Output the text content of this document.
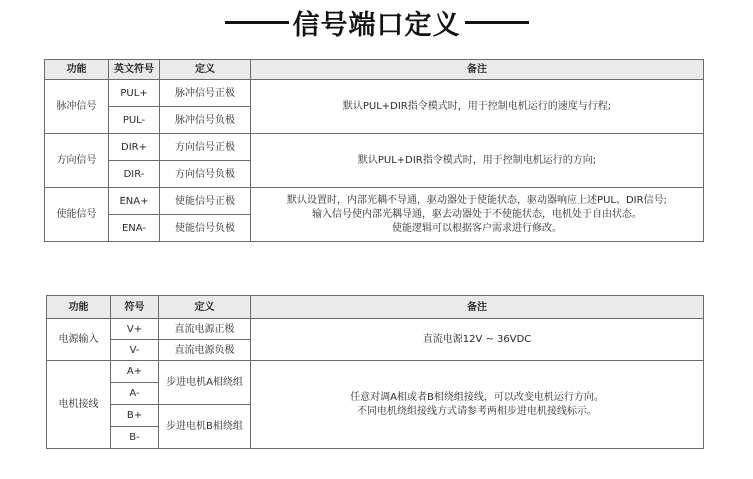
信号端口定义
功能	英文符号	定义	备注
脉冲信号	PUL+	脉冲信号正极	默认PUL+DIR指令模式时，用于控制电机运行的速度与行程;

	PUL-	脉冲信号负极	
方向信号	DIR+	方向信号正极	默认PUL+DIR指令模式时，用于控制电机运行的方向;

	DIR-	方向信号负极	
使能信号	ENA+	使能信号正极	默认设置时，内部光耦不导通，驱动器处于使能状态，驱动器响应上述PUL、DIR信号;
输入信号使内部光耦导通，驱去动器处于不使能状态，电机处于自由状态。
使能逻辑可以根据客户需求进行修改。

	ENA-	使能信号负极	
功能	符号	定义	备注
电源输入	V+	直流电源正极	直流电源12V ~ 36VDC
	V-	直流电源负极	
电机接线	A+	步进电机A相绕组	任意对调A相或者B相绕组接线，可以改变电机运行方向。
不同电机绕组接线方式请参考两相步进电机接线标示。

	A-		
	B+	步进电机B相绕组	
	B-		
